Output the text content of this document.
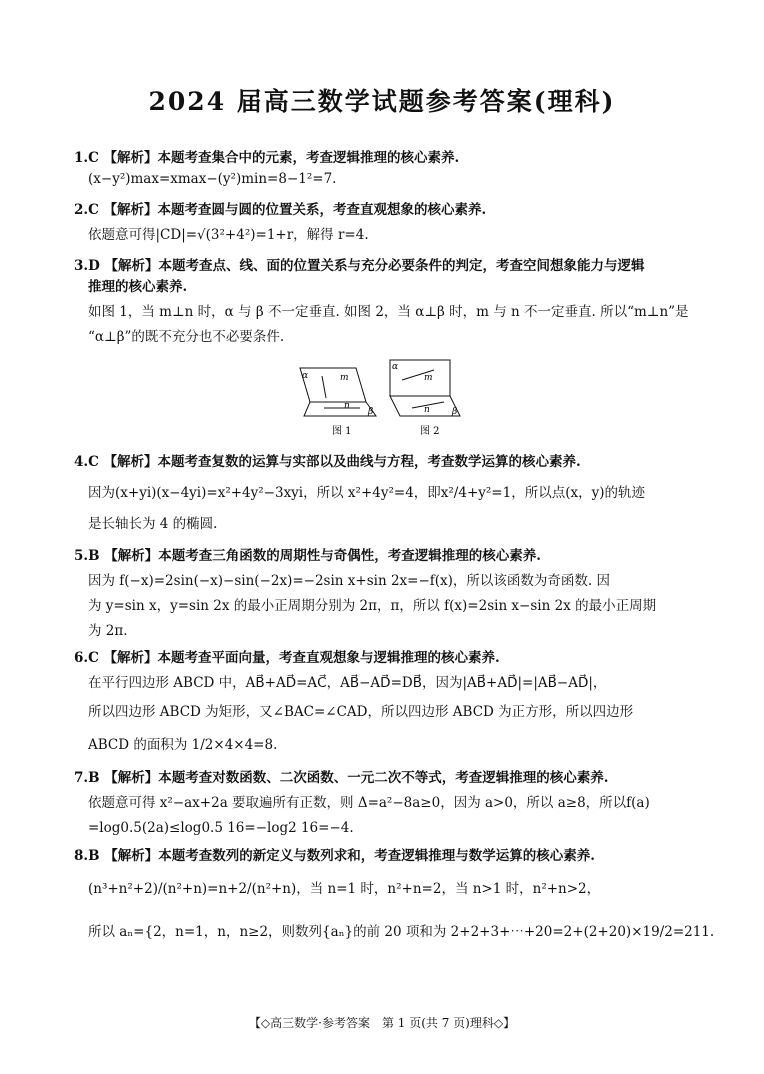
2024 届高三数学试题参考答案(理科)
1.C 【解析】本题考查集合中的元素，考查逻辑推理的核心素养.
(x−y²)max=xmax−(y²)min=8−1²=7.
2.C 【解析】本题考查圆与圆的位置关系，考查直观想象的核心素养.
依题意可得|CD|=√(3²+4²)=1+r，解得 r=4.
3.D 【解析】本题考查点、线、面的位置关系与充分必要条件的判定，考查空间想象能力与逻辑
推理的核心素养.
如图 1，当 m⊥n 时，α 与 β 不一定垂直. 如图 2，当 α⊥β 时，m 与 n 不一定垂直. 所以“m⊥n”是
“α⊥β”的既不充分也不必要条件.
α	m
n
β
α
m
n β
图 1	图 2
4.C 【解析】本题考查复数的运算与实部以及曲线与方程，考查数学运算的核心素养.
因为(x+yi)(x−4yi)=x²+4y²−3xyi，所以 x²+4y²=4，即x²/4+y²=1，所以点(x，y)的轨迹
是长轴长为 4 的椭圆.
5.B 【解析】本题考查三角函数的周期性与奇偶性，考查逻辑推理的核心素养.
因为 f(−x)=2sin(−x)−sin(−2x)=−2sin x+sin 2x=−f(x)，所以该函数为奇函数. 因
为 y=sin x，y=sin 2x 的最小正周期分别为 2π，π，所以 f(x)=2sin x−sin 2x 的最小正周期
为 2π.
6.C 【解析】本题考查平面向量，考查直观想象与逻辑推理的核心素养.
在平行四边形 ABCD 中，AB⃗+AD⃗=AC⃗，AB⃗−AD⃗=DB⃗，因为|AB⃗+AD⃗|=|AB⃗−AD⃗|，
所以四边形 ABCD 为矩形，又∠BAC=∠CAD，所以四边形 ABCD 为正方形，所以四边形
ABCD 的面积为 1/2×4×4=8.
7.B 【解析】本题考查对数函数、二次函数、一元二次不等式，考查逻辑推理的核心素养.
依题意可得 x²−ax+2a 要取遍所有正数，则 Δ=a²−8a≥0，因为 a>0，所以 a≥8，所以f(a)
=log0.5(2a)≤log0.5 16=−log2 16=−4.
8.B 【解析】本题考查数列的新定义与数列求和，考查逻辑推理与数学运算的核心素养.
(n³+n²+2)/(n²+n)=n+2/(n²+n)，当 n=1 时，n²+n=2，当 n>1 时，n²+n>2，
所以 aₙ={2，n=1，n，n≥2，则数列{aₙ}的前 20 项和为 2+2+3+⋯+20=2+(2+20)×19/2=211.
【◇高三数学·参考答案　第 1 页(共 7 页)理科◇】
